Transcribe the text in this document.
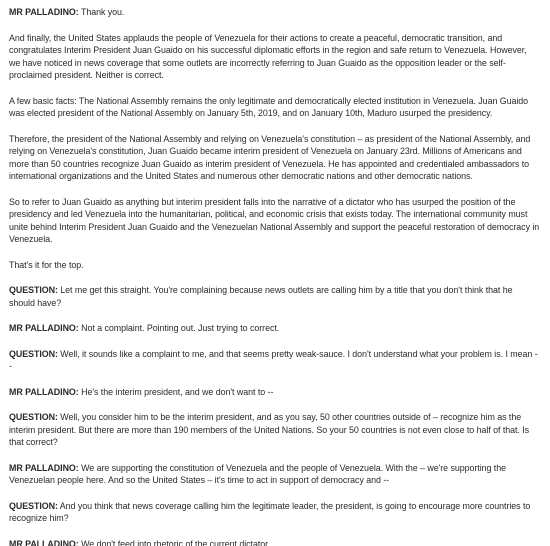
MR PALLADINO: Thank you.

And finally, the United States applauds the people of Venezuela for their actions to create a peaceful, democratic transition, and congratulates Interim President Juan Guaido on his successful diplomatic efforts in the region and safe return to Venezuela. However, we have noticed in news coverage that some outlets are incorrectly referring to Juan Guaido as the opposition leader or the self-proclaimed president. Neither is correct.

A few basic facts: The National Assembly remains the only legitimate and democratically elected institution in Venezuela. Juan Guaido was elected president of the National Assembly on January 5th, 2019, and on January 10th, Maduro usurped the presidency.

Therefore, the president of the National Assembly and relying on Venezuela's constitution – as president of the National Assembly, and relying on Venezuela's constitution, Juan Guaido became interim president of Venezuela on January 23rd. Millions of Americans and more than 50 countries recognize Juan Guaido as interim president of Venezuela. He has appointed and credentialed ambassadors to international organizations and the United States and numerous other democratic nations and other democratic nations.

So to refer to Juan Guaido as anything but interim president falls into the narrative of a dictator who has usurped the position of the presidency and led Venezuela into the humanitarian, political, and economic crisis that exists today. The international community must unite behind Interim President Juan Guaido and the Venezuelan National Assembly and support the peaceful restoration of democracy in Venezuela.

That's it for the top.

QUESTION: Let me get this straight. You're complaining because news outlets are calling him by a title that you don't think that he should have?

MR PALLADINO: Not a complaint. Pointing out. Just trying to correct.

QUESTION: Well, it sounds like a complaint to me, and that seems pretty weak-sauce. I don't understand what your problem is. I mean --

MR PALLADINO: He's the interim president, and we don't want to --

QUESTION: Well, you consider him to be the interim president, and as you say, 50 other countries outside of – recognize him as the interim president. But there are more than 190 members of the United Nations. So your 50 countries is not even close to half of that. Is that correct?

MR PALLADINO: We are supporting the constitution of Venezuela and the people of Venezuela. With the – we're supporting the Venezuelan people here. And so the United States – it's time to act in support of democracy and --

QUESTION: And you think that news coverage calling him the legitimate leader, the president, is going to encourage more countries to recognize him?

MR PALLADINO: We don't feed into rhetoric of the current dictator.
